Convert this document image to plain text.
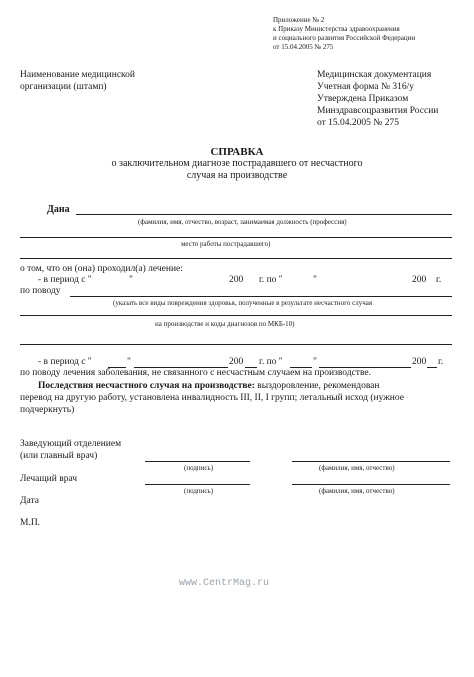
Приложение № 2
к Приказу Министерства здравоохранения
и социального развития Российской Федерации
от 15.04.2005 № 275
Наименование медицинской
организации (штамп)
Медицинская документация
Учетная форма № 316/у
Утверждена Приказом
Минздравсоцразвития России
от 15.04.2005 № 275
СПРАВКА
о заключительном диагнозе пострадавшего от несчастного
случая на производстве
Дана
(фамилия, имя, отчество, возраст, занимаемая должность (профессия)
место работы пострадавшего)
о том, что он (она) проходил(а) лечение:
- в период с "	"	200 г. по "	"	200 г.
по поводу
(указать все виды повреждения здоровья, полученные в результате несчастного случая
на производстве и коды диагнозов по МКБ-10)
- в период с "	"	200 г. по "	"	200 г.
по поводу лечения заболевания, не связанного с несчастным случаем на производстве.
Последствия несчастного случая на производстве: выздоровление, рекомендован
перевод на другую работу, установлена инвалидность III, II, I групп; летальный исход (нужное
подчеркнуть)
Заведующий отделением
(или главный врач)
(подпись)	(фамилия, имя, отчество)
Лечащий врач
(подпись)	(фамилия, имя, отчество)
Дата
М.П.
www.CentrMag.ru
